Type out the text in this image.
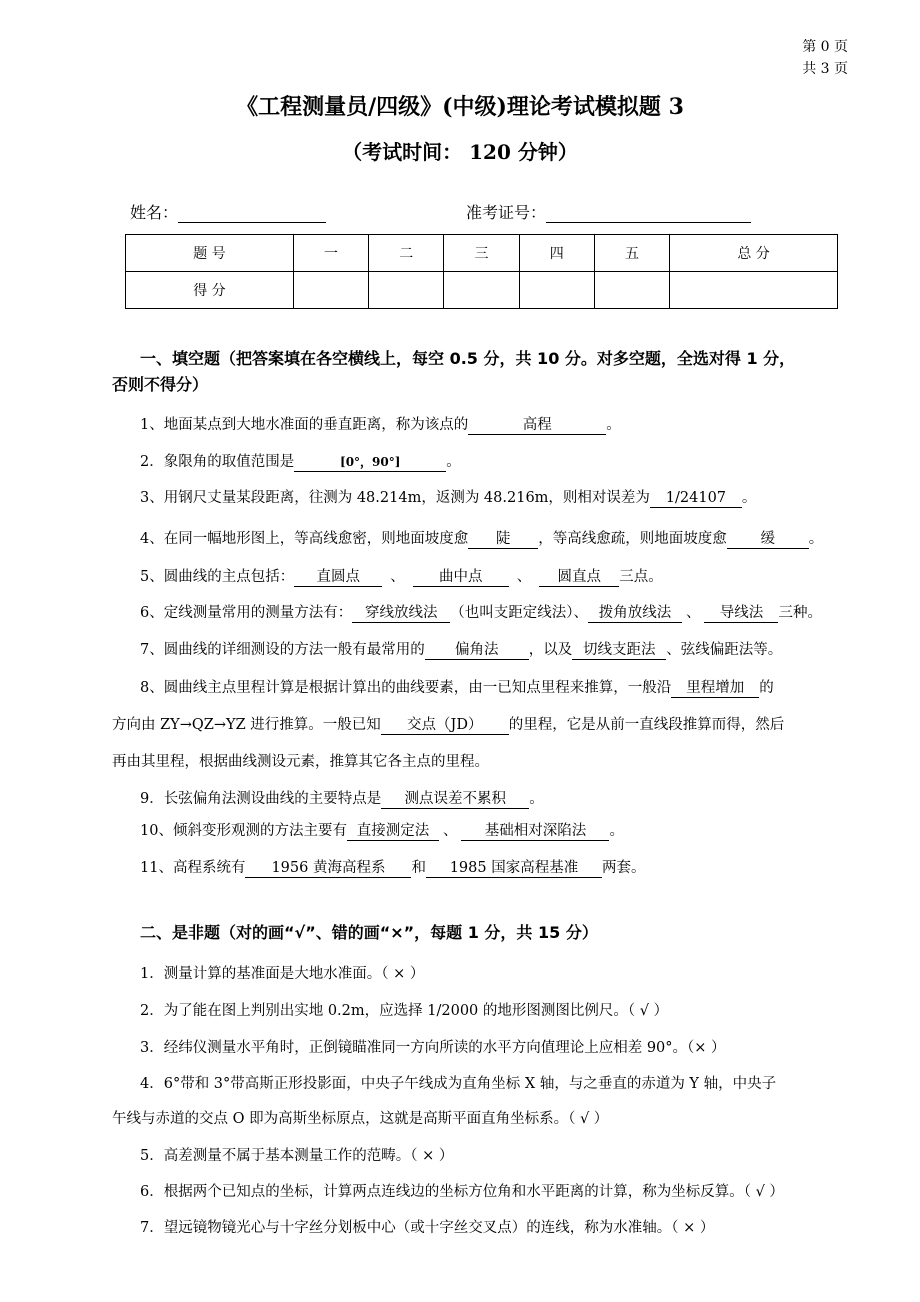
第 0 页
共 3 页
《工程测量员/四级》(中级)理论考试模拟题 3
（考试时间： 120 分钟）
姓名：	准考证号：
题 号	一	二	三	四	五	总 分
得 分						
一、填空题（把答案填在各空横线上，每空 0.5 分，共 10 分。对多空题，全选对得 1 分，
否则不得分）
1、地面某点到大地水准面的垂直距离，称为该点的	高程	。
2．象限角的取值范围是	[0°，90°]	。
3、用钢尺丈量某段距离，往测为 48.214m，返测为 48.216m，则相对误差为 1/24107 。
4、在同一幅地形图上，等高线愈密，则地面坡度愈 陡 ，等高线愈疏，则地面坡度愈 缓 。
5、圆曲线的主点包括： 直圆点 、 曲中点 、 圆直点 三点。
6、定线测量常用的测量方法有： 穿线放线法 （也叫支距定线法）、 拨角放线法 、 导线法 三种。
7、圆曲线的详细测设的方法一般有最常用的 偏角法 ，以及 切线支距法 、弦线偏距法等。
8、圆曲线主点里程计算是根据计算出的曲线要素，由一已知点里程来推算，一般沿 里程增加 的
方向由 ZY→QZ→YZ 进行推算。一般已知 交点（JD） 的里程，它是从前一直线段推算而得，然后
再由其里程，根据曲线测设元素，推算其它各主点的里程。
9．长弦偏角法测设曲线的主要特点是 测点误差不累积 。
10、倾斜变形观测的方法主要有 直接测定法 、 基础相对深陷法 。
11、高程系统有 1956 黄海高程系 和 1985 国家高程基准 两套。
二、是非题（对的画“√”、错的画“×”，每题 1 分，共 15 分）
1．测量计算的基准面是大地水准面。（ × ）
2．为了能在图上判别出实地 0.2m，应选择 1/2000 的地形图测图比例尺。（ √ ）
3．经纬仪测量水平角时，正倒镜瞄准同一方向所读的水平方向值理论上应相差 90°。（× ）
4．6°带和 3°带高斯正形投影面，中央子午线成为直角坐标 X 轴，与之垂直的赤道为 Y 轴，中央子
午线与赤道的交点 O 即为高斯坐标原点，这就是高斯平面直角坐标系。（ √ ）
5．高差测量不属于基本测量工作的范畴。（ × ）
6．根据两个已知点的坐标，计算两点连线边的坐标方位角和水平距离的计算，称为坐标反算。（ √ ）
7．望远镜物镜光心与十字丝分划板中心（或十字丝交叉点）的连线，称为水准轴。（ × ）
